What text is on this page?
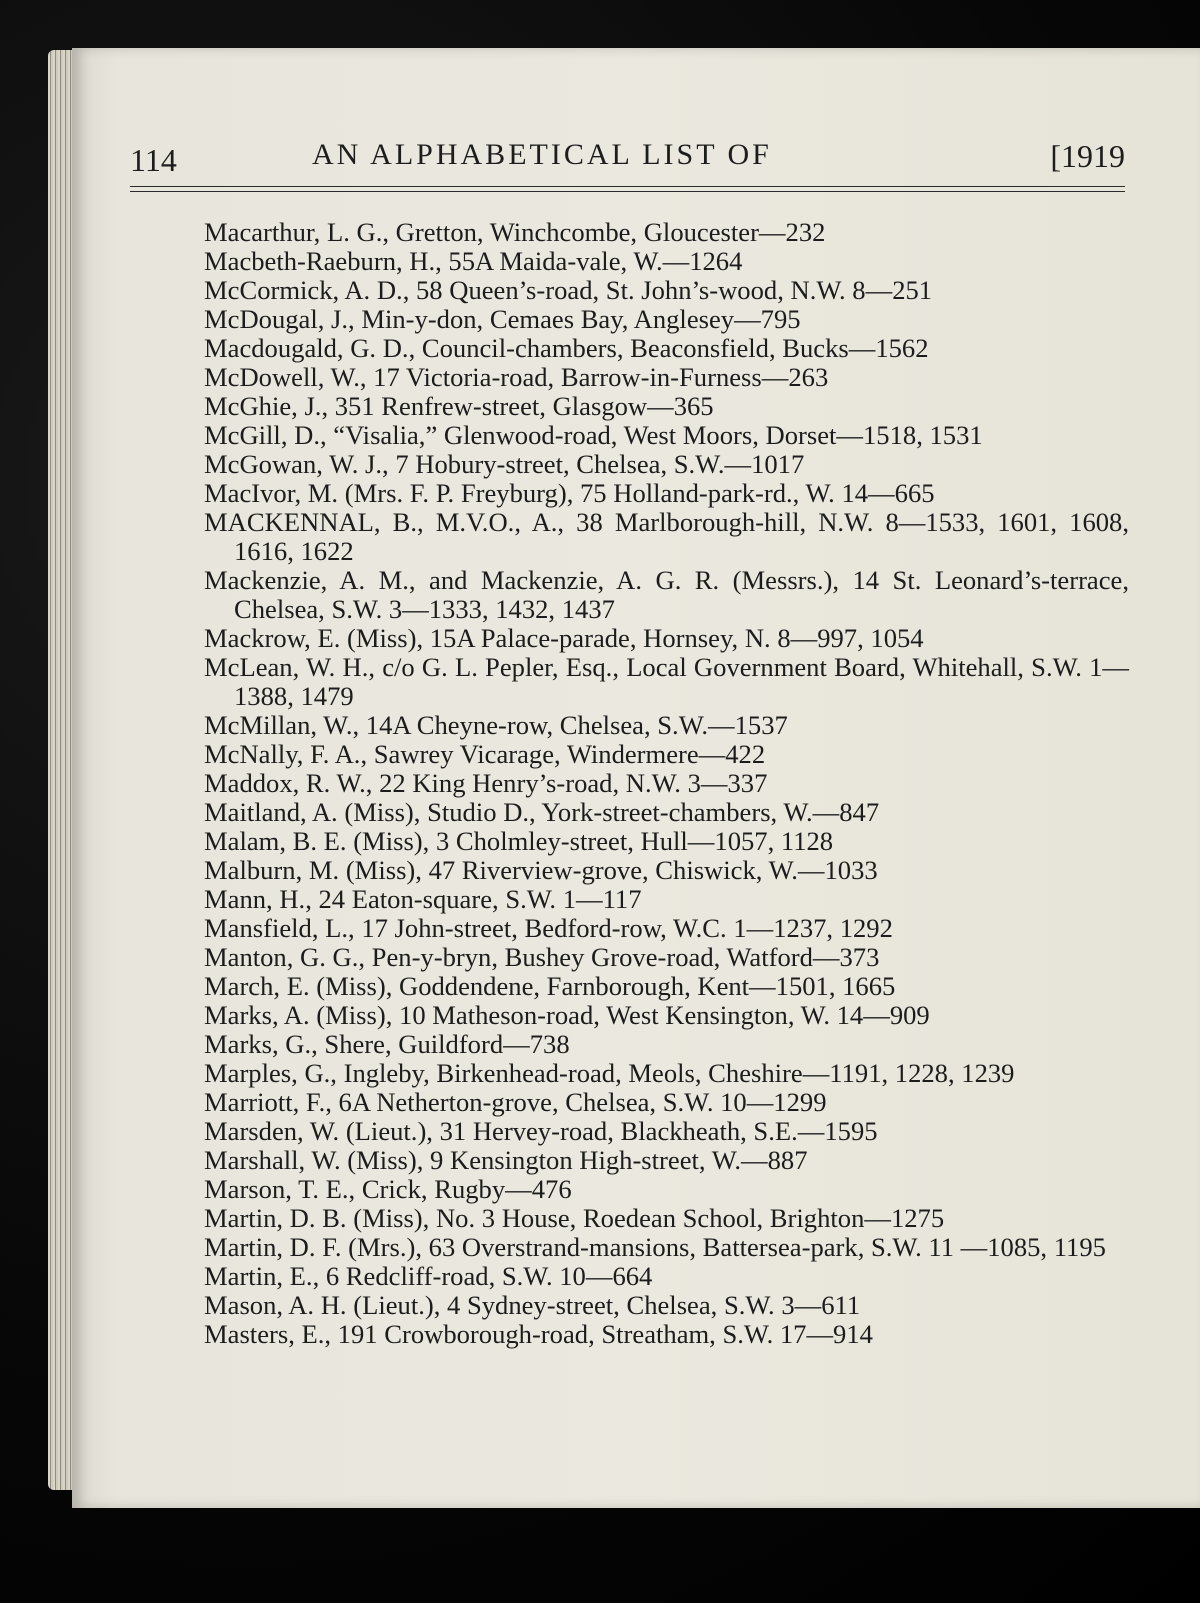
114	AN ALPHABETICAL LIST OF	[1919
Macarthur, L. G., Gretton, Winchcombe, Gloucester—232
Macbeth-Raeburn, H., 55A Maida-vale, W.—1264
McCormick, A. D., 58 Queen’s-road, St. John’s-wood, N.W. 8—251
McDougal, J., Min-y-don, Cemaes Bay, Anglesey—795
Macdougald, G. D., Council-chambers, Beaconsfield, Bucks—1562
McDowell, W., 17 Victoria-road, Barrow-in-Furness—263
McGhie, J., 351 Renfrew-street, Glasgow—365
McGill, D., “Visalia,” Glenwood-road, West Moors, Dorset—1518, 1531
McGowan, W. J., 7 Hobury-street, Chelsea, S.W.—1017
MacIvor, M. (Mrs. F. P. Freyburg), 75 Holland-park-rd., W. 14—665
MACKENNAL, B., M.V.O., A., 38 Marlborough-hill, N.W. 8—1533, 1601, 1608, 1616, 1622
Mackenzie, A. M., and Mackenzie, A. G. R. (Messrs.), 14 St. Leonard’s-terrace, Chelsea, S.W. 3—1333, 1432, 1437
Mackrow, E. (Miss), 15A Palace-parade, Hornsey, N. 8—997, 1054
McLean, W. H., c/o G. L. Pepler, Esq., Local Government Board, Whitehall, S.W. 1—1388, 1479
McMillan, W., 14A Cheyne-row, Chelsea, S.W.—1537
McNally, F. A., Sawrey Vicarage, Windermere—422
Maddox, R. W., 22 King Henry’s-road, N.W. 3—337
Maitland, A. (Miss), Studio D., York-street-chambers, W.—847
Malam, B. E. (Miss), 3 Cholmley-street, Hull—1057, 1128
Malburn, M. (Miss), 47 Riverview-grove, Chiswick, W.—1033
Mann, H., 24 Eaton-square, S.W. 1—117
Mansfield, L., 17 John-street, Bedford-row, W.C. 1—1237, 1292
Manton, G. G., Pen-y-bryn, Bushey Grove-road, Watford—373
March, E. (Miss), Goddendene, Farnborough, Kent—1501, 1665
Marks, A. (Miss), 10 Matheson-road, West Kensington, W. 14—909
Marks, G., Shere, Guildford—738
Marples, G., Ingleby, Birkenhead-road, Meols, Cheshire—1191, 1228, 1239
Marriott, F., 6A Netherton-grove, Chelsea, S.W. 10—1299
Marsden, W. (Lieut.), 31 Hervey-road, Blackheath, S.E.—1595
Marshall, W. (Miss), 9 Kensington High-street, W.—887
Marson, T. E., Crick, Rugby—476
Martin, D. B. (Miss), No. 3 House, Roedean School, Brighton—1275
Martin, D. F. (Mrs.), 63 Overstrand-mansions, Battersea-park, S.W. 11 —1085, 1195
Martin, E., 6 Redcliff-road, S.W. 10—664
Mason, A. H. (Lieut.), 4 Sydney-street, Chelsea, S.W. 3—611
Masters, E., 191 Crowborough-road, Streatham, S.W. 17—914
